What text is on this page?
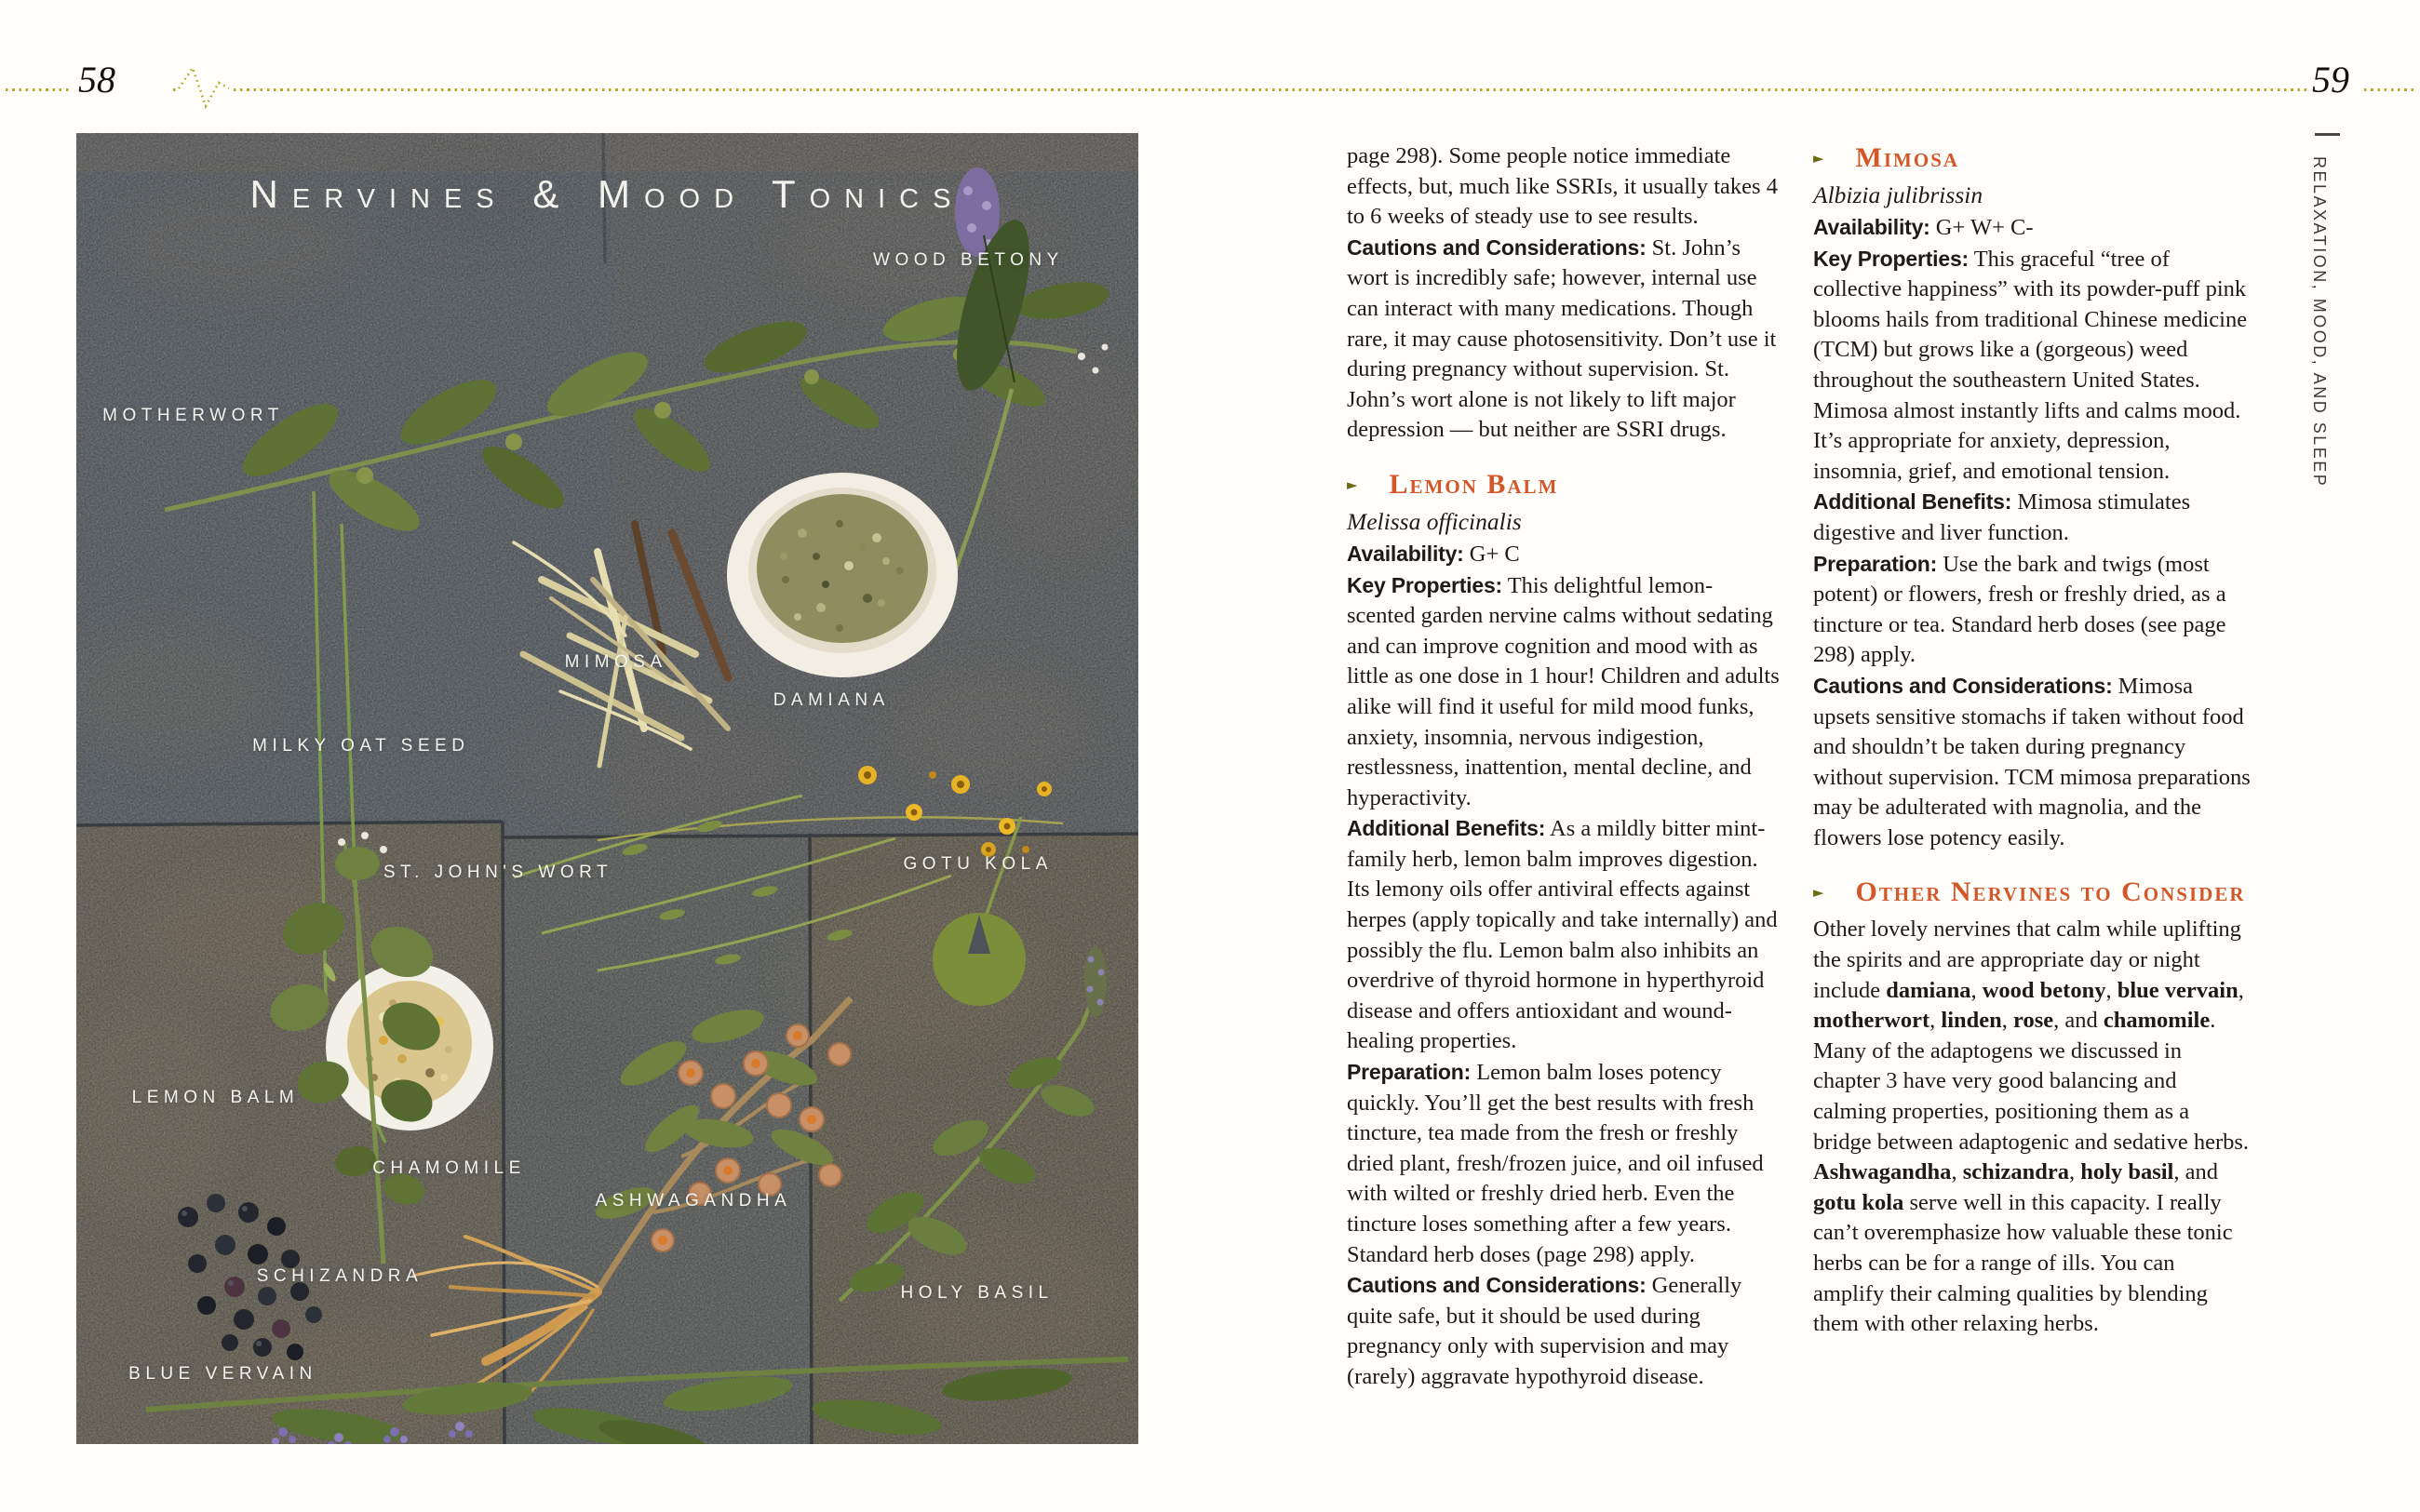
58	59
Nervines & Mood Tonics
WOOD BETONY
MOTHERWORT
MIMOSA
DAMIANA
MILKY OAT SEED
ST. JOHN'S WORT	GOTU KOLA
LEMON BALM
CHAMOMILE
ASHWAGANDHA
SCHIZANDRA
HOLY BASIL
BLUE VERVAIN

page 298). Some people notice immediate effects, but, much like SSRIs, it usually takes 4 to 6 weeks of steady use to see results.

Cautions and Considerations: St. John’s wort is incredibly safe; however, internal use can interact with many medications. Though rare, it may cause photosensitivity. Don’t use it during pregnancy without supervision. St. John’s wort alone is not likely to lift major depression — but neither are SSRI drugs.

► Lemon Balm

Melissa officinalis

Availability: G+ C

Key Properties: This delightful lemon-scented garden nervine calms without sedating and can improve cognition and mood with as little as one dose in 1 hour! Children and adults alike will find it useful for mild mood funks, anxiety, insomnia, nervous indigestion, restlessness, inattention, mental decline, and hyperactivity.

Additional Benefits: As a mildly bitter mint-family herb, lemon balm improves digestion. Its lemony oils offer antiviral effects against herpes (apply topically and take internally) and possibly the flu. Lemon balm also inhibits an overdrive of thyroid hormone in hyperthyroid disease and offers antioxidant and wound-healing properties.

Preparation: Lemon balm loses potency quickly. You’ll get the best results with fresh tincture, tea made from the fresh or freshly dried plant, fresh/frozen juice, and oil infused with wilted or freshly dried herb. Even the tincture loses something after a few years. Standard herb doses (page 298) apply.

Cautions and Considerations: Generally quite safe, but it should be used during pregnancy only with supervision and may (rarely) aggravate hypothyroid disease.

► Mimosa

Albizia julibrissin

Availability: G+ W+ C-

Key Properties: This graceful “tree of collective happiness” with its powder-puff pink blooms hails from traditional Chinese medicine (TCM) but grows like a (gorgeous) weed throughout the southeastern United States. Mimosa almost instantly lifts and calms mood. It’s appropriate for anxiety, depression, insomnia, grief, and emotional tension.

Additional Benefits: Mimosa stimulates digestive and liver function.

Preparation: Use the bark and twigs (most potent) or flowers, fresh or freshly dried, as a tincture or tea. Standard herb doses (see page 298) apply.

Cautions and Considerations: Mimosa upsets sensitive stomachs if taken without food and shouldn’t be taken during pregnancy without supervision. TCM mimosa preparations may be adulterated with magnolia, and the flowers lose potency easily.

► Other Nervines to Consider

Other lovely nervines that calm while uplifting the spirits and are appropriate day or night include damiana, wood betony, blue vervain, motherwort, linden, rose, and chamomile. Many of the adaptogens we discussed in chapter 3 have very good balancing and calming properties, positioning them as a bridge between adaptogenic and sedative herbs. Ashwagandha, schizandra, holy basil, and gotu kola serve well in this capacity. I really can’t overemphasize how valuable these tonic herbs can be for a range of ills. You can amplify their calming qualities by blending them with other relaxing herbs.

RELAXATION, MOOD, AND SLEEP
